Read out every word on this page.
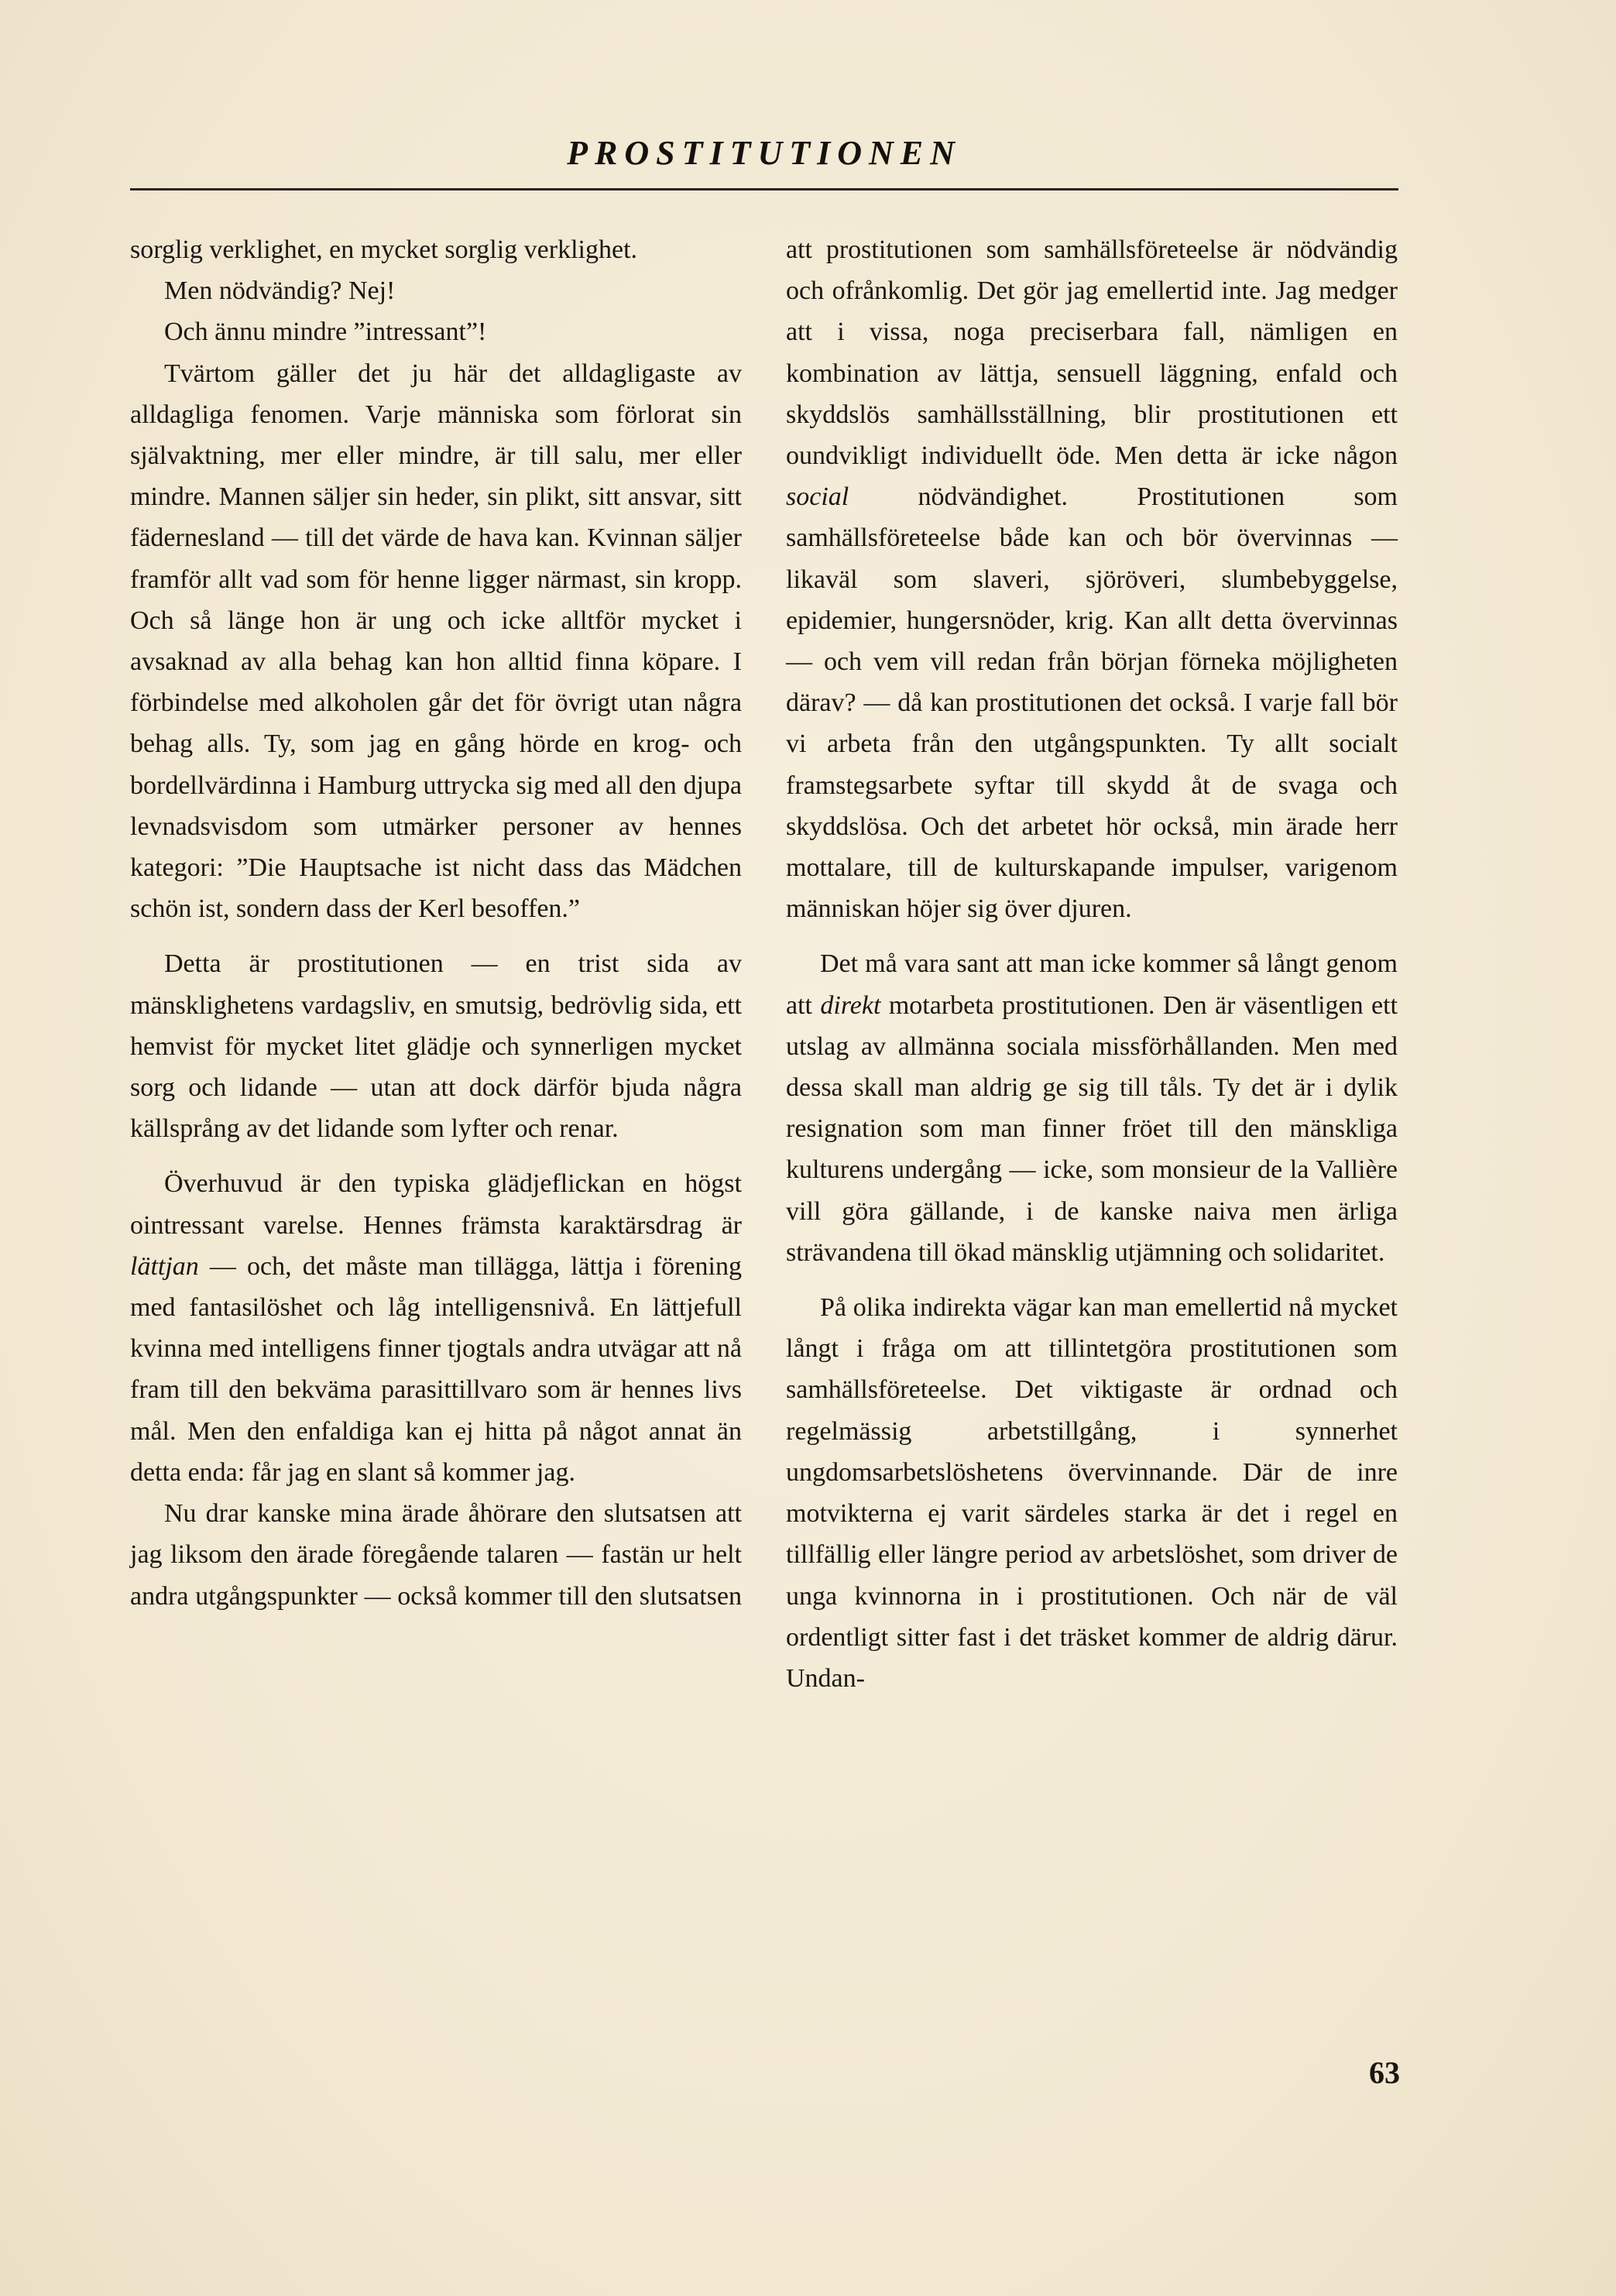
PROSTITUTIONEN

sorglig verklighet, en mycket sorglig verklighet.

Men nödvändig? Nej!

Och ännu mindre ”intressant”!

Tvärtom gäller det ju här det alldagligaste av alldagliga fenomen. Varje människa som förlorat sin självaktning, mer eller mindre, är till salu, mer eller mindre. Mannen säljer sin heder, sin plikt, sitt ansvar, sitt fädernesland — till det värde de hava kan. Kvinnan säljer framför allt vad som för henne ligger närmast, sin kropp. Och så länge hon är ung och icke alltför mycket i avsaknad av alla behag kan hon alltid finna köpare. I förbindelse med alkoholen går det för övrigt utan några behag alls. Ty, som jag en gång hörde en krog- och bordellvärdinna i Hamburg uttrycka sig med all den djupa levnadsvisdom som utmärker personer av hennes kategori: ”Die Hauptsache ist nicht dass das Mädchen schön ist, sondern dass der Kerl besoffen.”

Detta är prostitutionen — en trist sida av mänsklighetens vardagsliv, en smutsig, bedrövlig sida, ett hemvist för mycket litet glädje och synnerligen mycket sorg och lidande — utan att dock därför bjuda några källsprång av det lidande som lyfter och renar.

Överhuvud är den typiska glädjeflickan en högst ointressant varelse. Hennes främsta karaktärsdrag är lättjan — och, det måste man tillägga, lättja i förening med fantasilöshet och låg intelligensnivå. En lättjefull kvinna med intelligens finner tjogtals andra utvägar att nå fram till den bekväma parasittillvaro som är hennes livs mål. Men den enfaldiga kan ej hitta på något annat än detta enda: får jag en slant så kommer jag.

Nu drar kanske mina ärade åhörare den slutsatsen att jag liksom den ärade föregående talaren — fastän ur helt andra utgångspunkter — också kommer till den slutsatsen

att prostitutionen som samhällsföreteelse är nödvändig och ofrånkomlig. Det gör jag emellertid inte. Jag medger att i vissa, noga preciserbara fall, nämligen en kombination av lättja, sensuell läggning, enfald och skyddslös samhällsställning, blir prostitutionen ett oundvikligt individuellt öde. Men detta är icke någon social nödvändighet. Prostitutionen som samhällsföreteelse både kan och bör övervinnas — likaväl som slaveri, sjöröveri, slumbebyggelse, epidemier, hungersnöder, krig. Kan allt detta övervinnas — och vem vill redan från början förneka möjligheten därav? — då kan prostitutionen det också. I varje fall bör vi arbeta från den utgångspunkten. Ty allt socialt framstegsarbete syftar till skydd åt de svaga och skyddslösa. Och det arbetet hör också, min ärade herr mottalare, till de kulturskapande impulser, varigenom människan höjer sig över djuren.

Det må vara sant att man icke kommer så långt genom att direkt motarbeta prostitutionen. Den är väsentligen ett utslag av allmänna sociala missförhållanden. Men med dessa skall man aldrig ge sig till tåls. Ty det är i dylik resignation som man finner fröet till den mänskliga kulturens undergång — icke, som monsieur de la Vallière vill göra gällande, i de kanske naiva men ärliga strävandena till ökad mänsklig utjämning och solidaritet.

På olika indirekta vägar kan man emellertid nå mycket långt i fråga om att tillintetgöra prostitutionen som samhällsföreteelse. Det viktigaste är ordnad och regelmässig arbetstillgång, i synnerhet ungdomsarbetslöshetens övervinnande. Där de inre motvikterna ej varit särdeles starka är det i regel en tillfällig eller längre period av arbetslöshet, som driver de unga kvinnorna in i prostitutionen. Och när de väl ordentligt sitter fast i det träsket kommer de aldrig därur. Undan-

63
